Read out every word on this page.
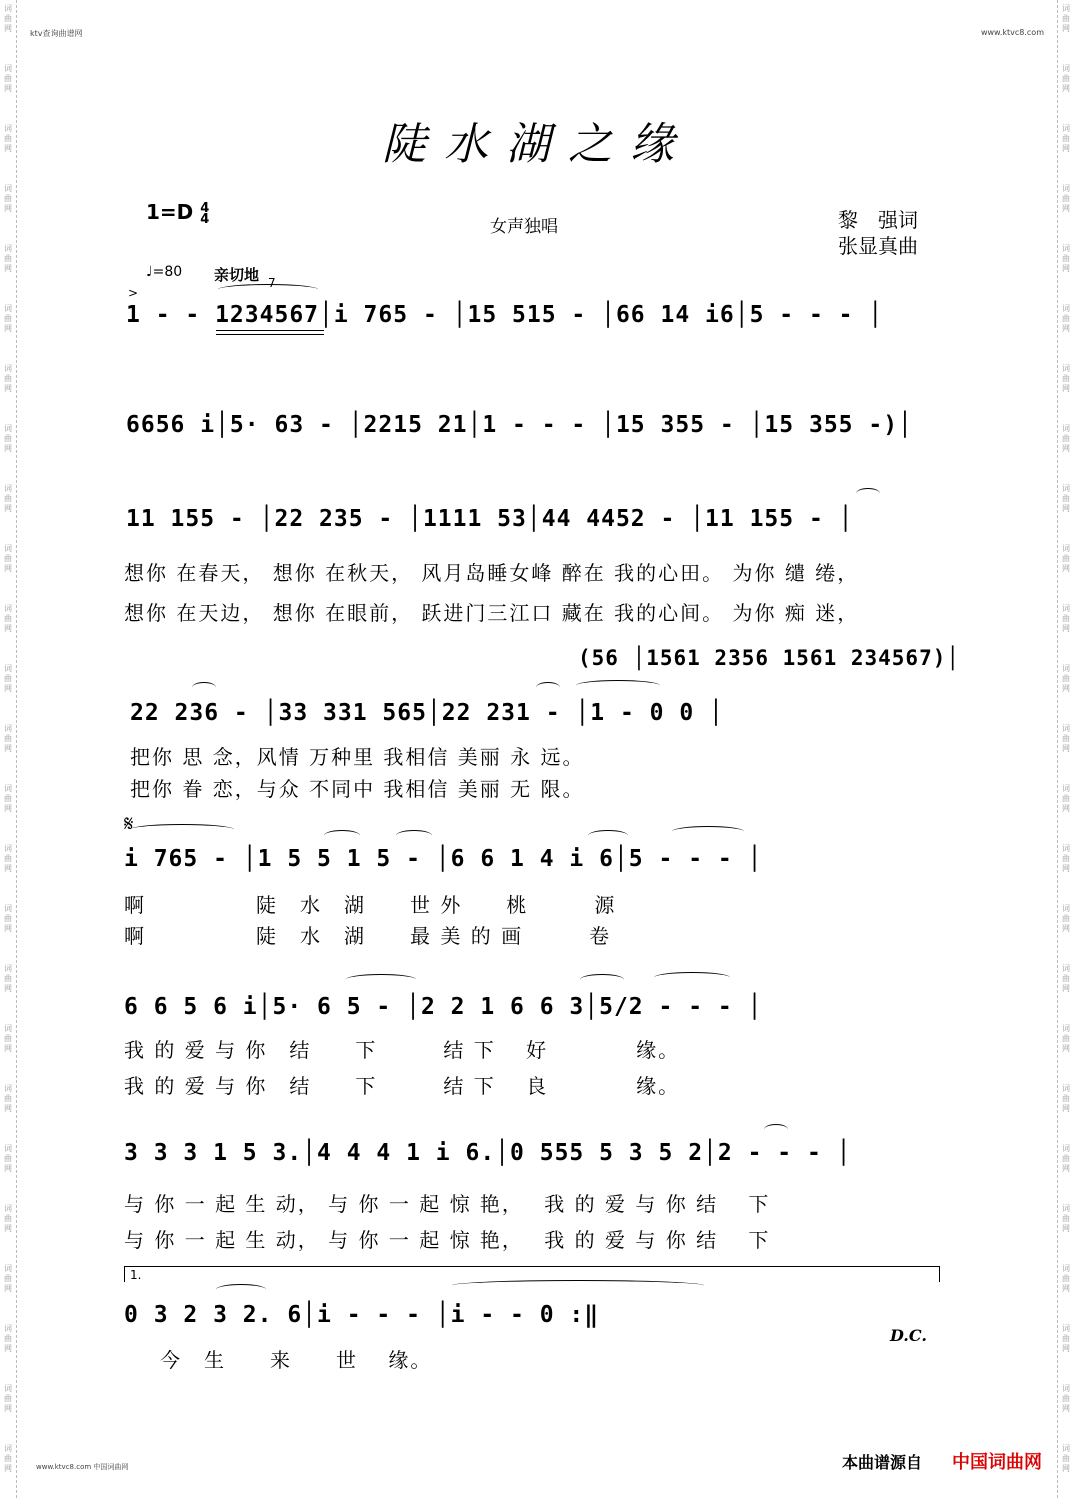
词
曲
网
词
曲
网
词
曲
网
词
曲
网
词
曲
网
词
曲
网
词
曲
网
词
曲
网
词
曲
网
词
曲
网
词
曲
网
词
曲
网
词
曲
网
词
曲
网
词
曲
网
词
曲
网
词
曲
网
词
曲
网
词
曲
网
词
曲
网
词
曲
网
词
曲
网
词
曲
网
词
曲
网
词
曲
网
词
曲
网
词
曲
网
词
曲
网
词
曲
网
词
曲
网
词
曲
网
词
曲
网
词
曲
网
词
曲
网
词
曲
网
词
曲
网
词
曲
网
词
曲
网
词
曲
网
词
曲
网
词
曲
网
词
曲
网
词
曲
网
词
曲
网
词
曲
网
词
曲
网
词
曲
网
词
曲
网
词
曲
网
词
曲
网
ktv查询曲谱网	www.ktvc8.com
陡水湖之缘
1=D 4
4	女声独唱	黎　强词
张显真曲
♩=80 亲切地 7
>
1 - - 1234567│i 765 - │15 515 - │66 14 i6│5 - - - │
6656 i│5· 63 - │2215 21│1 - - - │15 355 - │15 355 -)│
11 155 - │22 235 - │1111 53│44 4452 - │11 155 - │
想你 在春天， 想你 在秋天， 风月岛睡女峰 醉在 我的心田。 为你 缱 绻，
想你 在天边， 想你 在眼前， 跃进门三江口 藏在 我的心间。 为你 痴 迷，
(56 │1561 2356 1561 234567)│
22 236 - │33 331 565│22 231 - │1 - 0 0 │
把你 思 念，风情 万种里 我相信 美丽 永 远。
把你 眷 恋，与众 不同中 我相信 美丽 无 限。
𝄋
i 765 - │1 5 5 1 5 - │6 6 1 4 i 6│5 - - - │
啊　　　　　陡　水　湖　　世 外　　桃　　　源
啊　　　　　陡　水　湖　　最 美 的 画　　　卷
6 6 5 6 i│5· 6 5 - │2 2 1 6 6 3│5/2 - - - │
我 的 爱 与 你　结　　下　　　结 下　 好　　　　缘。
我 的 爱 与 你　结　　下　　　结 下　 良　　　　缘。
3 3 3 1 5 3.│4 4 4 1 i 6.│0 555 5 3 5 2│2 - - - │
与 你 一 起 生 动， 与 你 一 起 惊 艳，　 我 的 爱 与 你 结　 下
与 你 一 起 生 动， 与 你 一 起 惊 艳，　 我 的 爱 与 你 结　 下
1.
0 3 2 3 2. 6│i - - - │i - - 0 :‖
D.C.
今　生　　来　　世　 缘。
www.ktvc8.com 中国词曲网	本曲谱源自 中国词曲网
